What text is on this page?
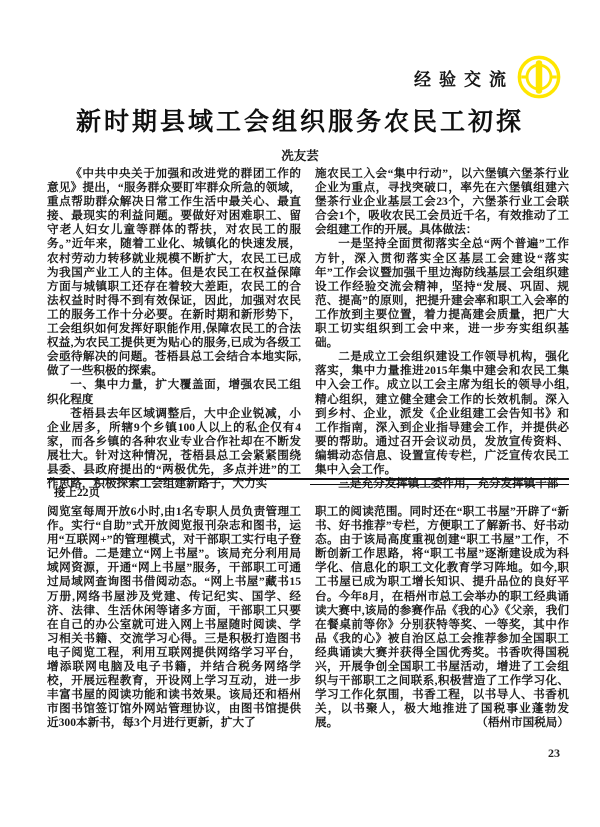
经验交流
新时期县域工会组织服务农民工初探
冼友芸

《中共中央关于加强和改进党的群团工作的意见》提出，“服务群众要盯牢群众所急的领域，重点帮助群众解决日常工作生活中最关心、最直接、最现实的利益问题。要做好对困难职工、留守老人妇女儿童等群体的帮扶，对农民工的服务。”近年来，随着工业化、城镇化的快速发展，农村劳动力转移就业规模不断扩大，农民工已成为我国产业工人的主体。但是农民工在权益保障方面与城镇职工还存在着较大差距，农民工的合法权益时时得不到有效保证，因此，加强对农民工的服务工作十分必要。在新时期和新形势下，工会组织如何发挥好职能作用,保障农民工的合法权益,为农民工提供更为贴心的服务,已成为各级工会亟待解决的问题。苍梧县总工会结合本地实际,做了一些积极的探索。

一、集中力量，扩大覆盖面，增强农民工组织化程度

苍梧县去年区域调整后，大中企业锐减，小企业居多，所辖9个乡镇100人以上的私企仅有4家，而各乡镇的各种农业专业合作社却在不断发展壮大。针对这种情况，苍梧县总工会紧紧围绕县委、县政府提出的“两极优先，多点并进”的工作思路，积极探索工会组建新路子，大力实

施农民工入会“集中行动”，以六堡镇六堡茶行业企业为重点，寻找突破口，率先在六堡镇组建六堡茶行业企业基层工会23个，六堡茶行业工会联合会1个，吸收农民工会员近千名，有效推动了工会组建工作的开展。具体做法：

一是坚持全面贯彻落实全总“两个普遍”工作方针，深入贯彻落实全区基层工会建设“落实年”工作会议暨加强千里边海防线基层工会组织建设工作经验交流会精神，坚持“发展、巩固、规范、提高”的原则，把提升建会率和职工入会率的工作放到主要位置，着力提高建会质量，把广大职工切实组织到工会中来，进一步夯实组织基础。

二是成立工会组织建设工作领导机构，强化落实，集中力量推进2015年集中建会和农民工集中入会工作。成立以工会主席为组长的领导小组,精心组织，建立健全建会工作的长效机制。深入到乡村、企业，派发《企业组建工会告知书》和工作指南，深入到企业指导建会工作，并提供必要的帮助。通过召开会议动员，发放宣传资料、编辑动态信息、设置宣传专栏，广泛宣传农民工集中入会工作。

三是充分发挥镇工委作用，充分发挥镇干部

接上22页

阅览室每周开放6小时,由1名专职人员负责管理工作。实行“自助”式开放阅览报刊杂志和图书，运用“互联网+”的管理模式，对干部职工实行电子登记外借。二是建立“网上书屋”。该局充分利用局域网资源，开通“网上书屋”服务，干部职工可通过局域网查询图书借阅动态。“网上书屋”藏书15万册,网络书屋涉及党建、传记纪实、国学、经济、法律、生活休闲等诸多方面，干部职工只要在自己的办公室就可进入网上书屋随时阅读、学习相关书籍、交流学习心得。三是积极打造图书电子阅览工程，利用互联网提供网络学习平台，增添联网电脑及电子书籍，并结合税务网络学校，开展远程教育，开设网上学习互动，进一步丰富书屋的阅读功能和读书效果。该局还和梧州市图书馆签订馆外网站管理协议，由图书馆提供近300本新书，每3个月进行更新，扩大了

职工的阅读范围。同时还在“职工书屋”开辟了“新书、好书推荐”专栏，方便职工了解新书、好书动态。由于该局高度重视创建“职工书屋”工作，不断创新工作思路，将“职工书屋”逐渐建设成为科学化、信息化的职工文化教育学习阵地。如今,职工书屋已成为职工增长知识、提升品位的良好平台。今年8月，在梧州市总工会举办的职工经典诵读大赛中,该局的参赛作品《我的心》《父亲，我们在餐桌前等你》分别获特等奖、一等奖，其中作品《我的心》被自治区总工会推荐参加全国职工经典诵读大赛并获得全国优秀奖。书香吹得国税兴，开展争创全国职工书屋活动，增进了工会组织与干部职工之间联系,积极营造了工作学习化、学习工作化氛围，书香工程，以书导人、书香机关，以书聚人，极大地推进了国税事业蓬勃发展。	（梧州市国税局）

23
